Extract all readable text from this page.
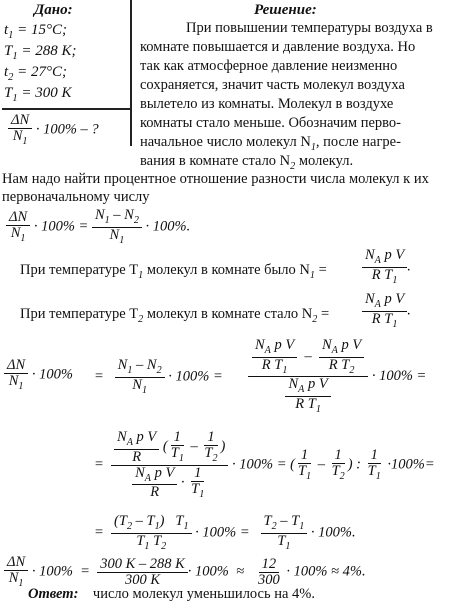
Дано:
$t_1 = 15^\circ C$;
$T_1 = 288$ K;
$t_2 = 27^\circ C$;
$T_1 = 300$ K
$\frac{\Delta N}{N_1} \cdot 100\%$ – ?
Решение:
При повышении температуры воздуха в
комнате повышается и давление воздуха. Но
так как атмосферное давление неизменно
сохраняется, значит часть молекул воздуха
вылетело из комнаты. Молекул в воздухе
комнаты стало меньше. Обозначим перво-
начальное число молекул $N_1$, после нагре-
вания в комнате стало $N_2$ молекул.
Нам надо найти процентное отношение разности числа молекул к их
первоначальному числу
$\frac{\Delta N}{N_1} \cdot 100\% = \frac{N_1 - N_2}{N_1} \cdot 100\%$.
При температуре $T_1$ молекул в комнате было $N_1 = \frac{N_A p V}{R T_1}$ .
При температуре $T_2$ молекул в комнате стало $N_2 = \frac{N_A p V}{R T_1}$ .
$\frac{\Delta N}{N_1} \cdot 100\% = \frac{N_1 - N_2}{N_1} \cdot 100\% = \frac{\frac{N_A p V}{R T_1} - \frac{N_A p V}{R T_2}}{\frac{N_A p V}{R T_1}} \cdot 100\%$ =
= $\frac{\frac{N_A p V}{R} ( \frac{1}{T_1} - \frac{1}{T_2} )}{\frac{N_A p V}{R} \cdot \frac{1}{T_1}} \cdot 100\%$ = ( $\frac{1}{T_1} - \frac{1}{T_2}$ ) : $\frac{1}{T_1} \cdot 100\%=$
= $\frac{(T_2 - T_1) T_1}{T_1 T_2} \cdot 100\% = \frac{T_2 - T_1}{T_1} \cdot 100\%$.
$\frac{\Delta N}{N_1} \cdot 100\% = \frac{300 K - 288 K}{300 K} \cdot 100\% \approx \frac{12}{300} \cdot 100\% \approx 4\%$.
Ответ: число молекул уменьшилось на 4%.
